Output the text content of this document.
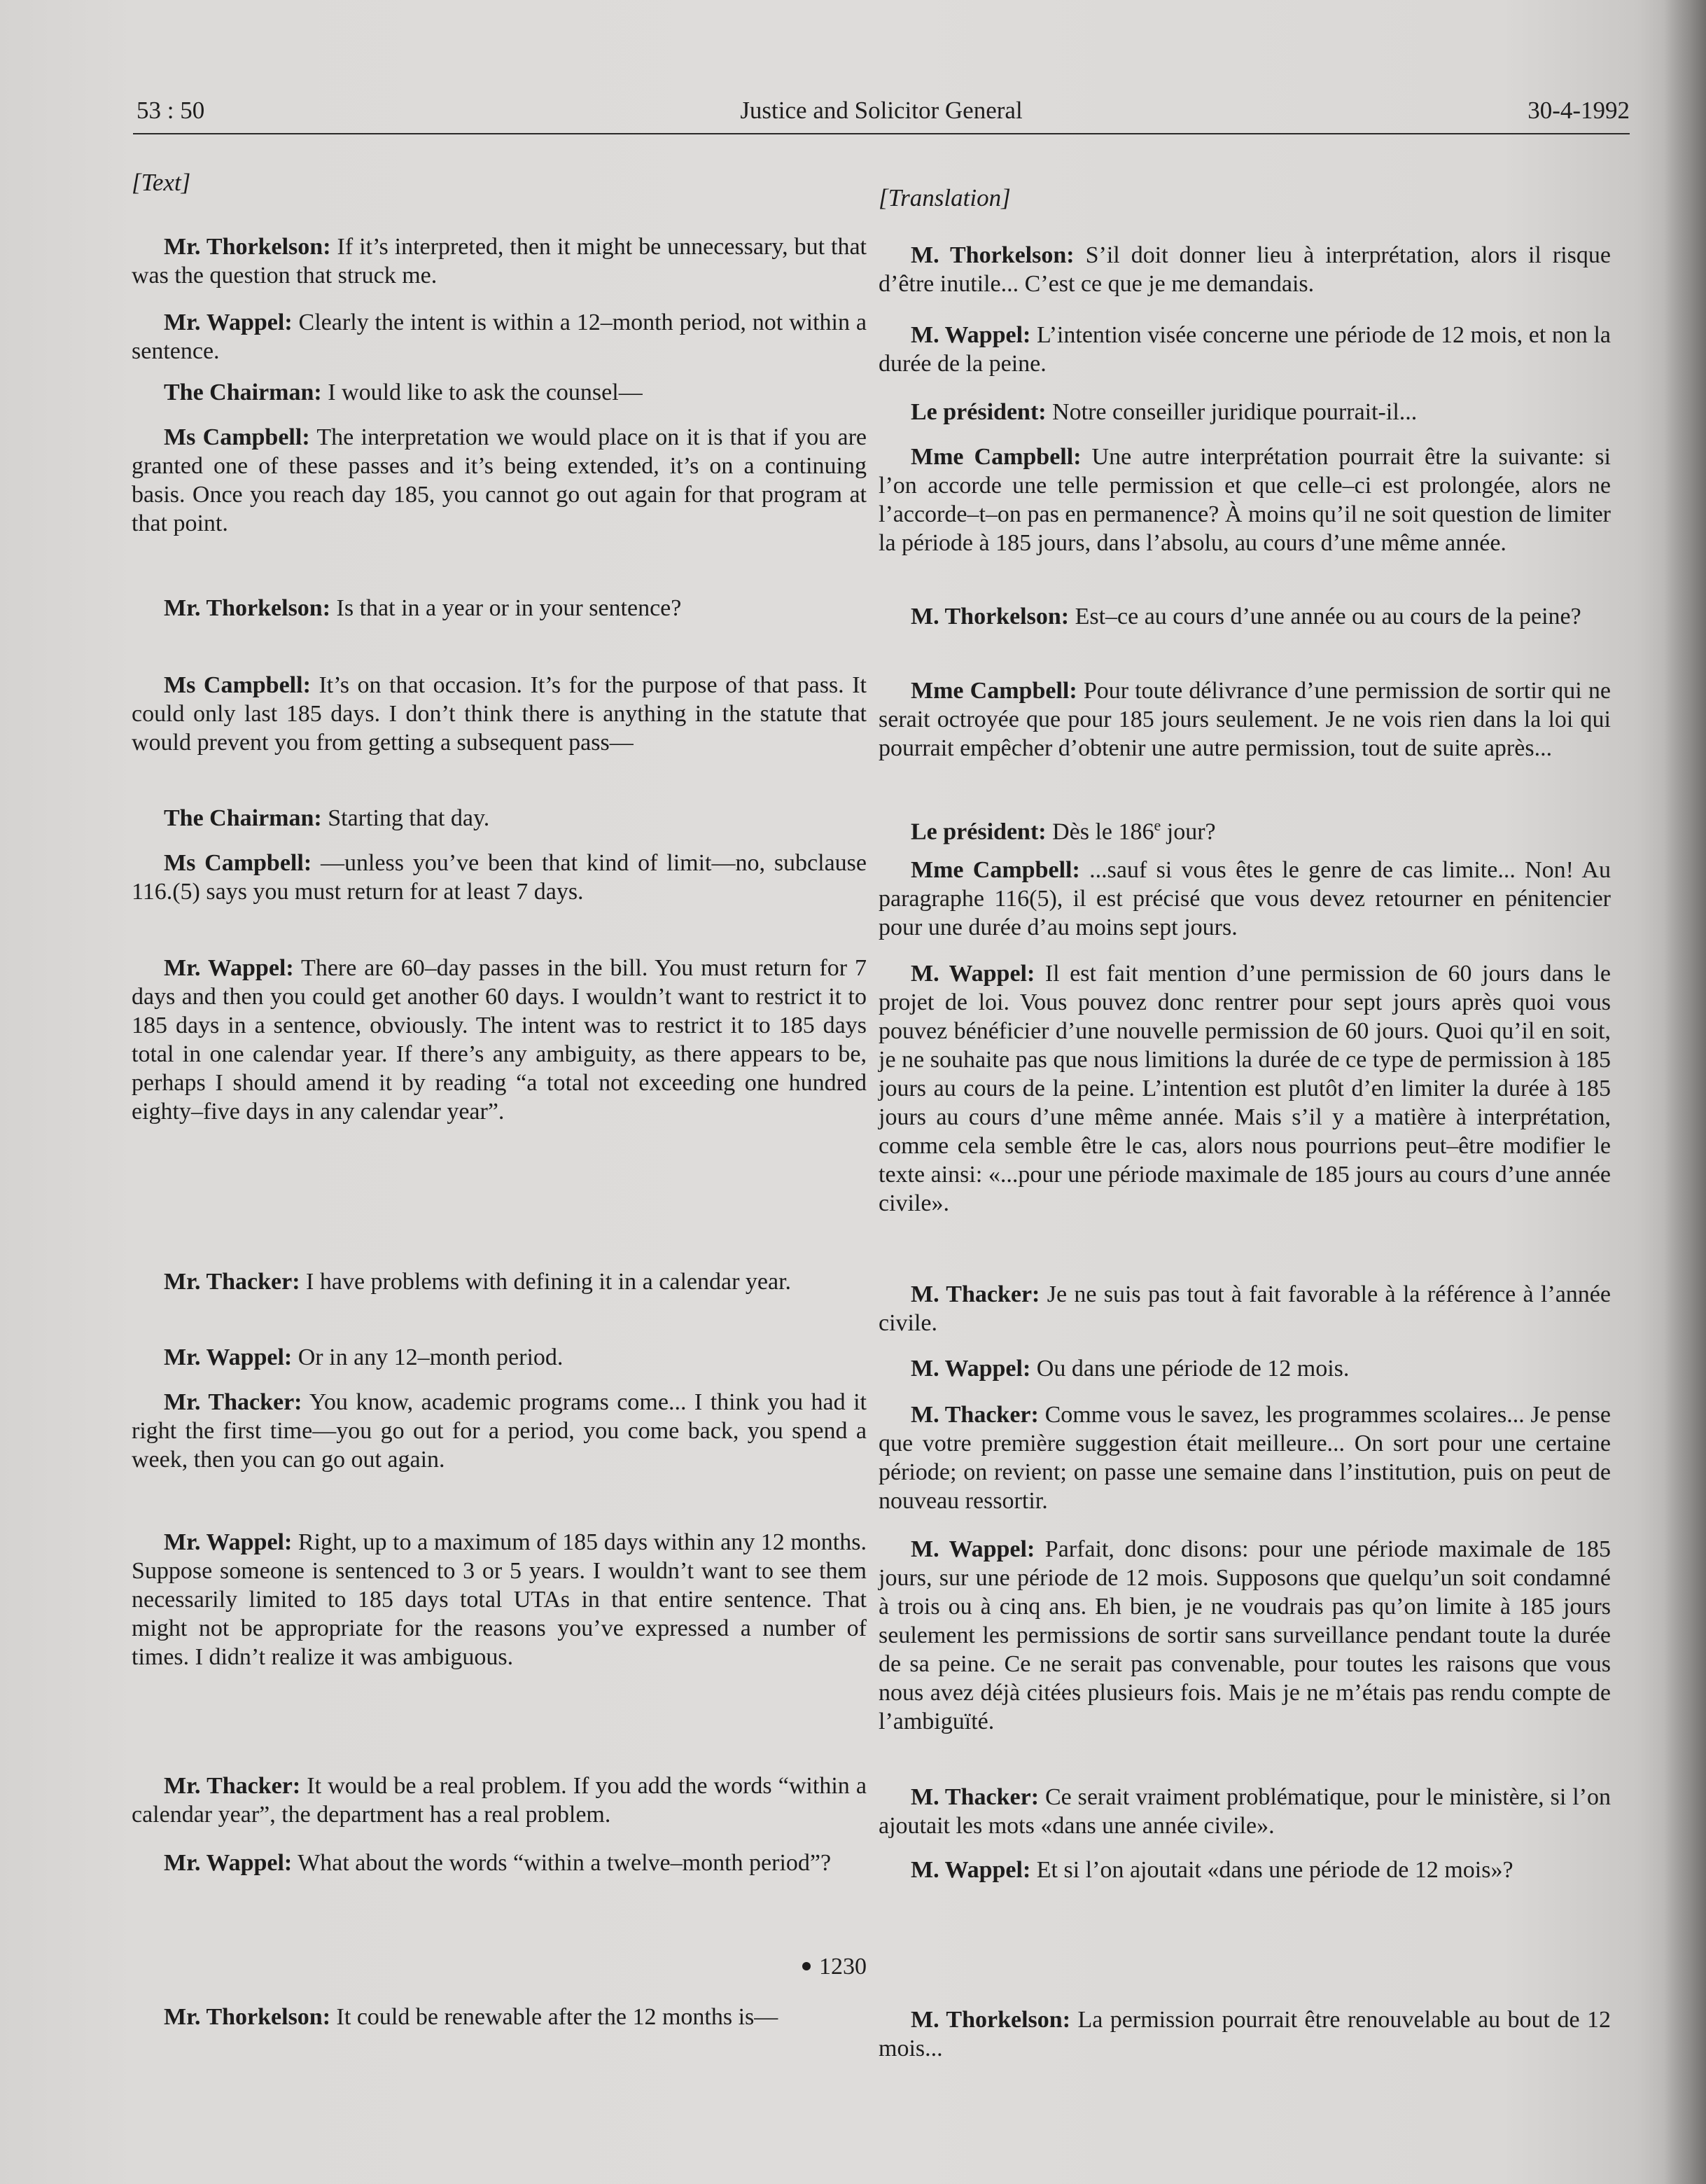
53 : 50	Justice and Solicitor General	30-4-1992

[Text]

Mr. Thorkelson: If it’s interpreted, then it might be unnecessary, but that was the question that struck me.

Mr. Wappel: Clearly the intent is within a 12–month period, not within a sentence.

The Chairman: I would like to ask the counsel—

Ms Campbell: The interpretation we would place on it is that if you are granted one of these passes and it’s being extended, it’s on a continuing basis. Once you reach day 185, you cannot go out again for that program at that point.

Mr. Thorkelson: Is that in a year or in your sentence?

Ms Campbell: It’s on that occasion. It’s for the purpose of that pass. It could only last 185 days. I don’t think there is anything in the statute that would prevent you from getting a subsequent pass—

The Chairman: Starting that day.

Ms Campbell: —unless you’ve been that kind of limit—no, subclause 116.(5) says you must return for at least 7 days.

Mr. Wappel: There are 60–day passes in the bill. You must return for 7 days and then you could get another 60 days. I wouldn’t want to restrict it to 185 days in a sentence, obviously. The intent was to restrict it to 185 days total in one calendar year. If there’s any ambiguity, as there appears to be, perhaps I should amend it by reading “a total not exceeding one hundred eighty–five days in any calendar year”.

Mr. Thacker: I have problems with defining it in a calendar year.

Mr. Wappel: Or in any 12–month period.

Mr. Thacker: You know, academic programs come... I think you had it right the first time—you go out for a period, you come back, you spend a week, then you can go out again.

Mr. Wappel: Right, up to a maximum of 185 days within any 12 months. Suppose someone is sentenced to 3 or 5 years. I wouldn’t want to see them necessarily limited to 185 days total UTAs in that entire sentence. That might not be appropriate for the reasons you’ve expressed a number of times. I didn’t realize it was ambiguous.

Mr. Thacker: It would be a real problem. If you add the words “within a calendar year”, the department has a real problem.

Mr. Wappel: What about the words “within a twelve–month period”?

1230

Mr. Thorkelson: It could be renewable after the 12 months is—

[Translation]

M. Thorkelson: S’il doit donner lieu à interprétation, alors il risque d’être inutile... C’est ce que je me demandais.

M. Wappel: L’intention visée concerne une période de 12 mois, et non la durée de la peine.

Le président: Notre conseiller juridique pourrait-il...

Mme Campbell: Une autre interprétation pourrait être la suivante: si l’on accorde une telle permission et que celle–ci est prolongée, alors ne l’accorde–t–on pas en permanence? À moins qu’il ne soit question de limiter la période à 185 jours, dans l’absolu, au cours d’une même année.

M. Thorkelson: Est–ce au cours d’une année ou au cours de la peine?

Mme Campbell: Pour toute délivrance d’une permission de sortir qui ne serait octroyée que pour 185 jours seulement. Je ne vois rien dans la loi qui pourrait empêcher d’obtenir une autre permission, tout de suite après...

Le président: Dès le 186e jour?

Mme Campbell: ...sauf si vous êtes le genre de cas limite... Non! Au paragraphe 116(5), il est précisé que vous devez retourner en pénitencier pour une durée d’au moins sept jours.

M. Wappel: Il est fait mention d’une permission de 60 jours dans le projet de loi. Vous pouvez donc rentrer pour sept jours après quoi vous pouvez bénéficier d’une nouvelle permission de 60 jours. Quoi qu’il en soit, je ne souhaite pas que nous limitions la durée de ce type de permission à 185 jours au cours de la peine. L’intention est plutôt d’en limiter la durée à 185 jours au cours d’une même année. Mais s’il y a matière à interprétation, comme cela semble être le cas, alors nous pourrions peut–être modifier le texte ainsi: «...pour une période maximale de 185 jours au cours d’une année civile».

M. Thacker: Je ne suis pas tout à fait favorable à la référence à l’année civile.

M. Wappel: Ou dans une période de 12 mois.

M. Thacker: Comme vous le savez, les programmes scolaires... Je pense que votre première suggestion était meilleure... On sort pour une certaine période; on revient; on passe une semaine dans l’institution, puis on peut de nouveau ressortir.

M. Wappel: Parfait, donc disons: pour une période maximale de 185 jours, sur une période de 12 mois. Supposons que quelqu’un soit condamné à trois ou à cinq ans. Eh bien, je ne voudrais pas qu’on limite à 185 jours seulement les permissions de sortir sans surveillance pendant toute la durée de sa peine. Ce ne serait pas convenable, pour toutes les raisons que vous nous avez déjà citées plusieurs fois. Mais je ne m’étais pas rendu compte de l’ambiguïté.

M. Thacker: Ce serait vraiment problématique, pour le ministère, si l’on ajoutait les mots «dans une année civile».

M. Wappel: Et si l’on ajoutait «dans une période de 12 mois»?

M. Thorkelson: La permission pourrait être renouvelable au bout de 12 mois...
